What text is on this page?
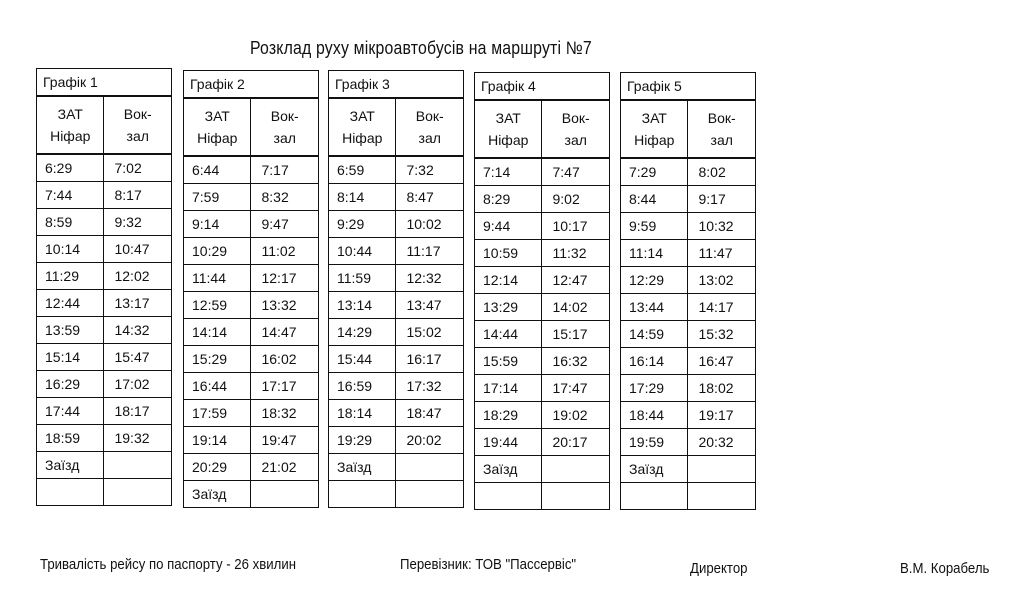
Розклад руху мікроавтобусів на маршруті №7
Графік 1	

ЗАТ
Ніфар	Вок-
зал

6:29	7:02
7:44	8:17
8:59	9:32
10:14	10:47
11:29	12:02
12:44	13:17
13:59	14:32
15:14	15:47
16:29	17:02
17:44	18:17
18:59	19:32
Заїзд	

Графік 2	

ЗАТ
Ніфар	Вок-
зал

6:44	7:17
7:59	8:32
9:14	9:47
10:29	11:02
11:44	12:17
12:59	13:32
14:14	14:47
15:29	16:02
16:44	17:17
17:59	18:32
19:14	19:47
20:29	21:02
Заїзд	
Графік 3	

ЗАТ
Ніфар	Вок-
зал

6:59	7:32
8:14	8:47
9:29	10:02
10:44	11:17
11:59	12:32
13:14	13:47
14:29	15:02
15:44	16:17
16:59	17:32
18:14	18:47
19:29	20:02
Заїзд	

Графік 4	

ЗАТ
Ніфар	Вок-
зал

7:14	7:47
8:29	9:02
9:44	10:17
10:59	11:32
12:14	12:47
13:29	14:02
14:44	15:17
15:59	16:32
17:14	17:47
18:29	19:02
19:44	20:17
Заїзд	

Графік 5	

ЗАТ
Ніфар	Вок-
зал

7:29	8:02
8:44	9:17
9:59	10:32
11:14	11:47
12:29	13:02
13:44	14:17
14:59	15:32
16:14	16:47
17:29	18:02
18:44	19:17
19:59	20:32
Заїзд	

Тривалість рейсу по паспорту - 26 хвилин	Перевізник: ТОВ "Пассервіс"	Директор	В.М. Корабель
